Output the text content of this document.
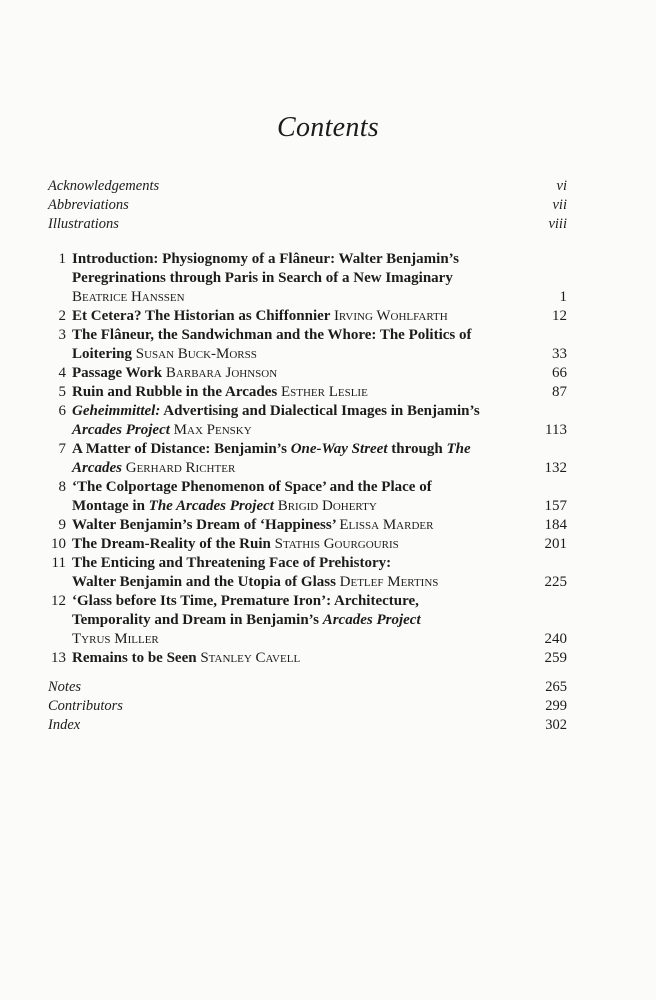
Contents
Acknowledgements	vi
Abbreviations	vii
Illustrations	viii
1 Introduction: Physiognomy of a Flâneur: Walter Benjamin’s
Peregrinations through Paris in Search of a New Imaginary
Beatrice Hanssen	1
2 Et Cetera? The Historian as Chiffonnier Irving Wohlfarth	12
3 The Flâneur, the Sandwichman and the Whore: The Politics of
Loitering Susan Buck-Morss	33
4 Passage Work Barbara Johnson	66
5 Ruin and Rubble in the Arcades Esther Leslie	87
6 Geheimmittel: Advertising and Dialectical Images in Benjamin’s
Arcades Project Max Pensky	113
7 A Matter of Distance: Benjamin’s One-Way Street through The
Arcades Gerhard Richter	132
8 ‘The Colportage Phenomenon of Space’ and the Place of
Montage in The Arcades Project Brigid Doherty	157
9 Walter Benjamin’s Dream of ‘Happiness’ Elissa Marder	184
10 The Dream-Reality of the Ruin Stathis Gourgouris	201
11 The Enticing and Threatening Face of Prehistory:
Walter Benjamin and the Utopia of Glass Detlef Mertins	225
12 ‘Glass before Its Time, Premature Iron’: Architecture,
Temporality and Dream in Benjamin’s Arcades Project
Tyrus Miller	240
13 Remains to be Seen Stanley Cavell	259
Notes	265
Contributors	299
Index	302
